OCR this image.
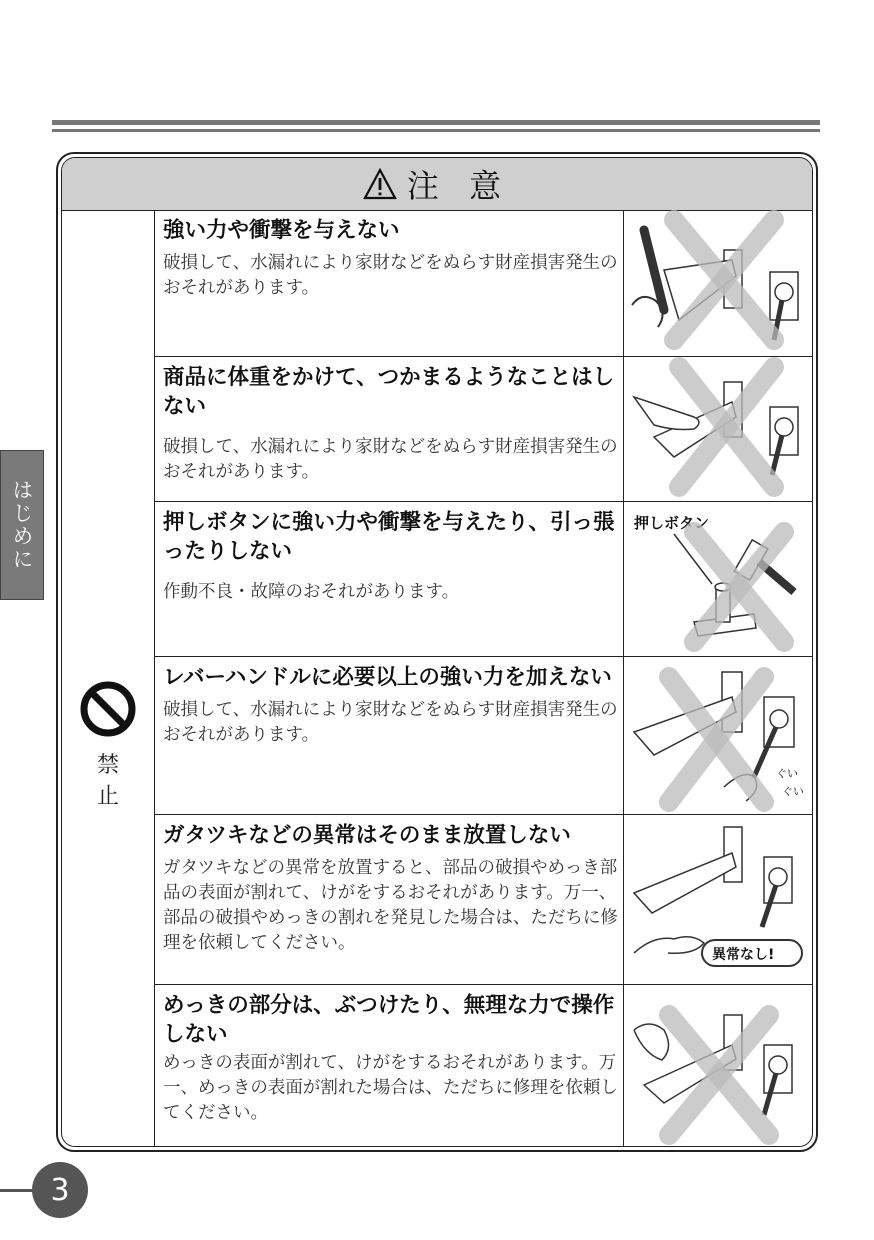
はじめに
注 意
禁 止
強い力や衝撃を与えない
破損して、水漏れにより家財などをぬらす財産損害発生のおそれがあります。
商品に体重をかけて、つかまるようなことはしない
破損して、水漏れにより家財などをぬらす財産損害発生のおそれがあります。
押しボタンに強い力や衝撃を与えたり、引っ張ったりしない
作動不良・故障のおそれがあります。
押しボタン
レバーハンドルに必要以上の強い力を加えない
破損して、水漏れにより家財などをぬらす財産損害発生のおそれがあります。
ぐい
ぐい
ガタツキなどの異常はそのまま放置しない
ガタツキなどの異常を放置すると、部品の破損やめっき部品の表面が割れて、けがをするおそれがあります。万一、部品の破損やめっきの割れを発見した場合は、ただちに修理を依頼してください。
異常なし!
めっきの部分は、ぶつけたり、無理な力で操作しない
めっきの表面が割れて、けがをするおそれがあります。万一、めっきの表面が割れた場合は、ただちに修理を依頼してください。
3
